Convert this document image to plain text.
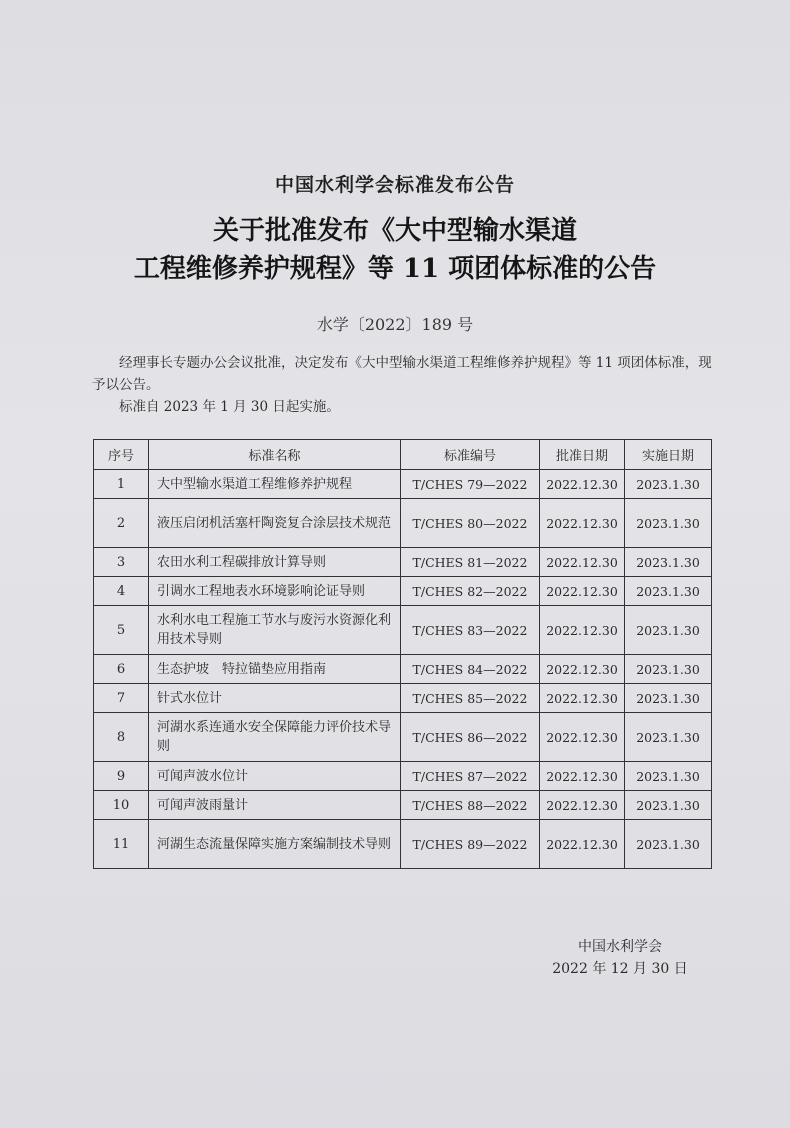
中国水利学会标准发布公告
关于批准发布《大中型输水渠道
工程维修养护规程》等 11 项团体标准的公告
水学〔2022〕189 号
经理事长专题办公会议批准，决定发布《大中型输水渠道工程维修养护规程》等 11 项团体标准，现予以公告。
标准自 2023 年 1 月 30 日起实施。
序号	标准名称	标准编号	批准日期	实施日期
1	大中型输水渠道工程维修养护规程	T/CHES 79—2022	2022.12.30	2023.1.30
2	液压启闭机活塞杆陶瓷复合涂层技术规范	T/CHES 80—2022	2022.12.30	2023.1.30
3	农田水利工程碳排放计算导则	T/CHES 81—2022	2022.12.30	2023.1.30
4	引调水工程地表水环境影响论证导则	T/CHES 82—2022	2022.12.30	2023.1.30
5	水利水电工程施工节水与废污水资源化利用技术导则	T/CHES 83—2022	2022.12.30	2023.1.30
6	生态护坡　特拉锚垫应用指南	T/CHES 84—2022	2022.12.30	2023.1.30
7	针式水位计	T/CHES 85—2022	2022.12.30	2023.1.30
8	河湖水系连通水安全保障能力评价技术导则	T/CHES 86—2022	2022.12.30	2023.1.30
9	可闻声波水位计	T/CHES 87—2022	2022.12.30	2023.1.30
10	可闻声波雨量计	T/CHES 88—2022	2022.12.30	2023.1.30
11	河湖生态流量保障实施方案编制技术导则	T/CHES 89—2022	2022.12.30	2023.1.30
中国水利学会
2022 年 12 月 30 日
